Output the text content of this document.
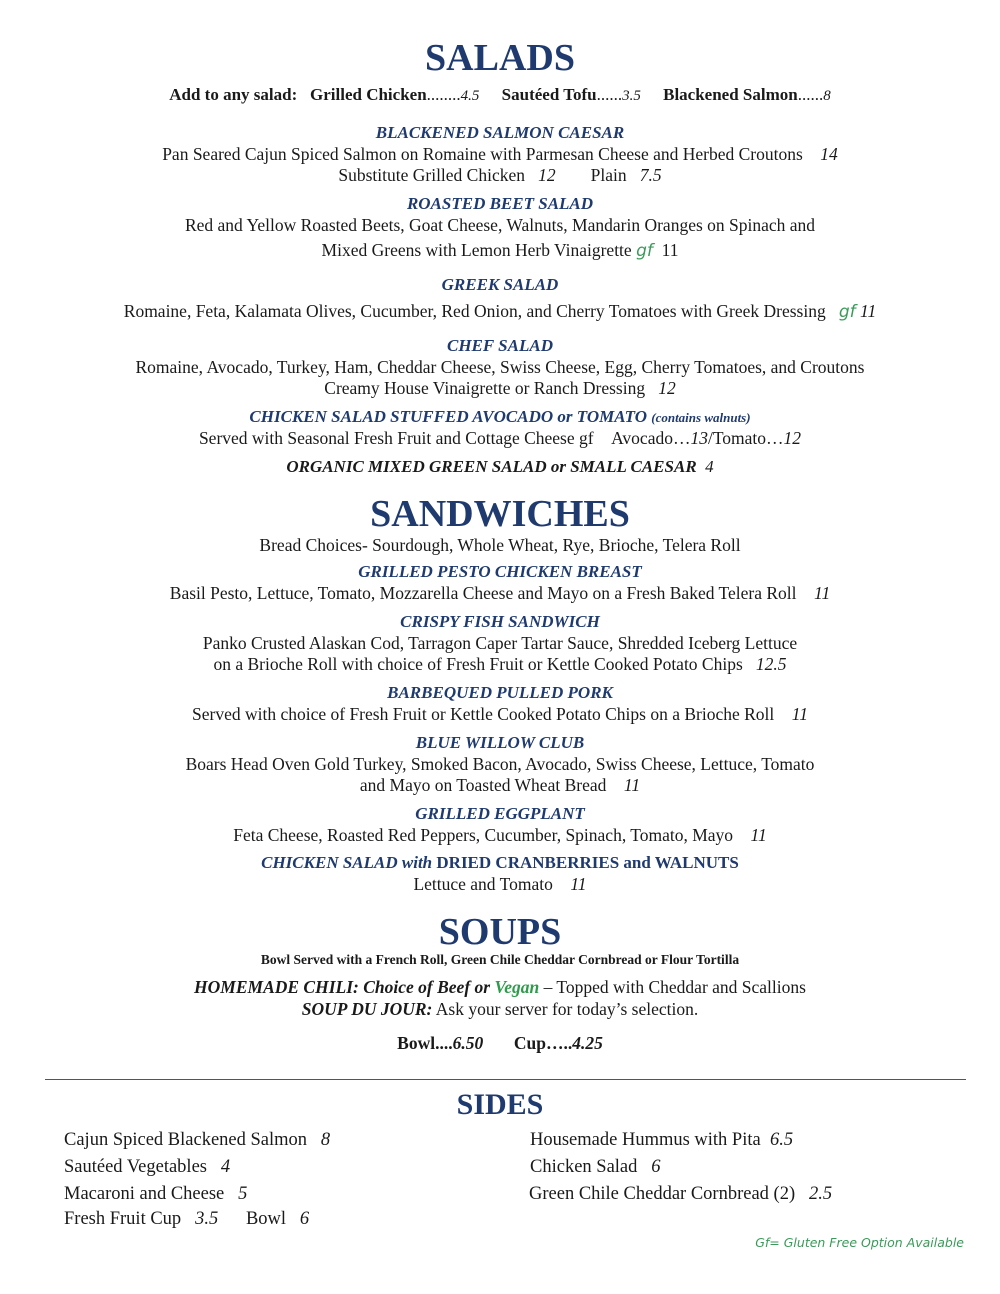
SALADS
Add to any salad: Grilled Chicken........4.5 Sautéed Tofu......3.5 Blackened Salmon......8
BLACKENED SALMON CAESAR
Pan Seared Cajun Spiced Salmon on Romaine with Parmesan Cheese and Herbed Croutons 14
Substitute Grilled Chicken 12 Plain 7.5
ROASTED BEET SALAD
Red and Yellow Roasted Beets, Goat Cheese, Walnuts, Mandarin Oranges on Spinach and
Mixed Greens with Lemon Herb Vinaigrette gf 11
GREEK SALAD
Romaine, Feta, Kalamata Olives, Cucumber, Red Onion, and Cherry Tomatoes with Greek Dressing gf 11
CHEF SALAD
Romaine, Avocado, Turkey, Ham, Cheddar Cheese, Swiss Cheese, Egg, Cherry Tomatoes, and Croutons
Creamy House Vinaigrette or Ranch Dressing 12
CHICKEN SALAD STUFFED AVOCADO or TOMATO (contains walnuts)
Served with Seasonal Fresh Fruit and Cottage Cheese gf Avocado…13/Tomato…12
ORGANIC MIXED GREEN SALAD or SMALL CAESAR 4
SANDWICHES
Bread Choices- Sourdough, Whole Wheat, Rye, Brioche, Telera Roll
GRILLED PESTO CHICKEN BREAST
Basil Pesto, Lettuce, Tomato, Mozzarella Cheese and Mayo on a Fresh Baked Telera Roll 11
CRISPY FISH SANDWICH
Panko Crusted Alaskan Cod, Tarragon Caper Tartar Sauce, Shredded Iceberg Lettuce
on a Brioche Roll with choice of Fresh Fruit or Kettle Cooked Potato Chips 12.5
BARBEQUED PULLED PORK
Served with choice of Fresh Fruit or Kettle Cooked Potato Chips on a Brioche Roll 11
BLUE WILLOW CLUB
Boars Head Oven Gold Turkey, Smoked Bacon, Avocado, Swiss Cheese, Lettuce, Tomato
and Mayo on Toasted Wheat Bread 11
GRILLED EGGPLANT
Feta Cheese, Roasted Red Peppers, Cucumber, Spinach, Tomato, Mayo 11
CHICKEN SALAD with DRIED CRANBERRIES and WALNUTS
Lettuce and Tomato 11
SOUPS
Bowl Served with a French Roll, Green Chile Cheddar Cornbread or Flour Tortilla
HOMEMADE CHILI: Choice of Beef or Vegan – Topped with Cheddar and Scallions
SOUP DU JOUR: Ask your server for today’s selection.
Bowl....6.50 Cup…..4.25
SIDES
Cajun Spiced Blackened Salmon 8
Sautéed Vegetables 4
Macaroni and Cheese 5
Fresh Fruit Cup 3.5 Bowl 6
Housemade Hummus with Pita 6.5
Chicken Salad 6
Green Chile Cheddar Cornbread (2) 2.5
Gf= Gluten Free Option Available
